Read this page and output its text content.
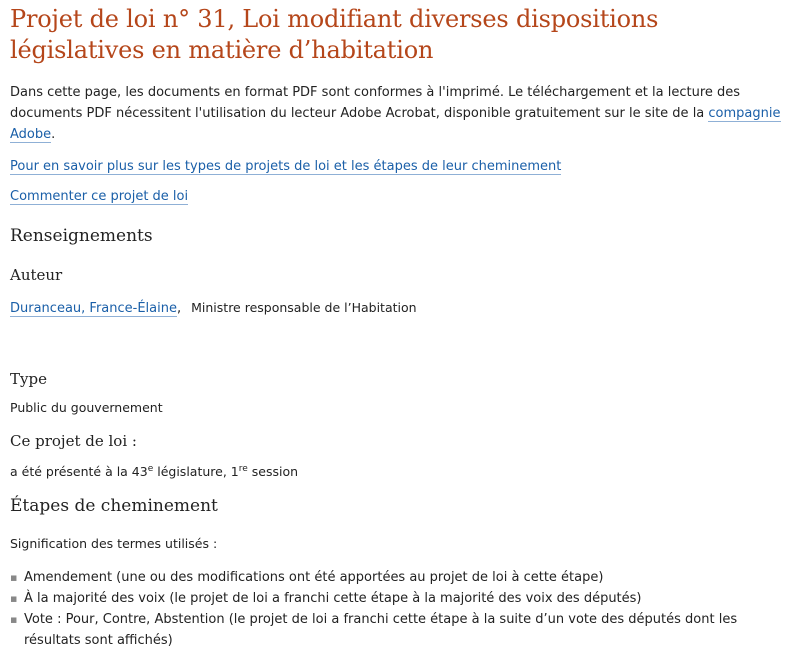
Projet de loi n° 31, Loi modifiant diverses dispositions législatives en matière d’habitation

Dans cette page, les documents en format PDF sont conformes à l'imprimé. Le téléchargement et la lecture des documents PDF nécessitent l'utilisation du lecteur Adobe Acrobat, disponible gratuitement sur le site de la compagnie Adobe.

Pour en savoir plus sur les types de projets de loi et les étapes de leur cheminement

Commenter ce projet de loi

Renseignements
Auteur

Duranceau, France-Élaine, Ministre responsable de l’Habitation

Type

Public du gouvernement

Ce projet de loi :

a été présenté à la 43e législature, 1re session

Étapes de cheminement

Signification des termes utilisés :

▪ Amendement (une ou des modifications ont été apportées au projet de loi à cette étape)
▪ À la majorité des voix (le projet de loi a franchi cette étape à la majorité des voix des députés)
▪ Vote : Pour, Contre, Abstention (le projet de loi a franchi cette étape à la suite d’un vote des députés dont les résultats sont affichés)
